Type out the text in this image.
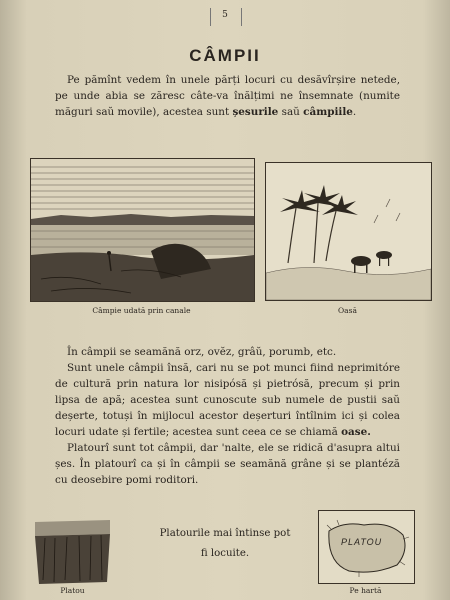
5
CÂMPII
Pe pămînt vedem în unele părți locuri cu desăvîrșire netede, pe unde abia se zăresc câte-va înălțimi ne însemnate (numite măguri saŭ movile), acestea sunt șesurile saŭ câmpiile.
Câmpie udată prin canale	Oasă
În câmpii se seamănă orz, ovĕz, grâŭ, porumb, etc.
Sunt unele câmpii însă, cari nu se pot munci fiind neprimitóre de cultură prin natura lor nisipósă și pietrósă, precum și prin lipsa de apă; acestea sunt cunoscute sub numele de pustii saŭ deșerte, totuși în mijlocul acestor deșerturi întîlnim ici și colea locuri udate și fertile; acestea sunt ceea ce se chiamă oase.
Platourî sunt tot câmpii, dar 'nalte, ele se ridică d'asupra altui șes. În platourî ca și în câmpii se seamănă grâne și se plantéză cu deosebire pomi roditori.
Platou
Platourile mai întinse pot
fi locuite.
PLATOU
Pe hartă
